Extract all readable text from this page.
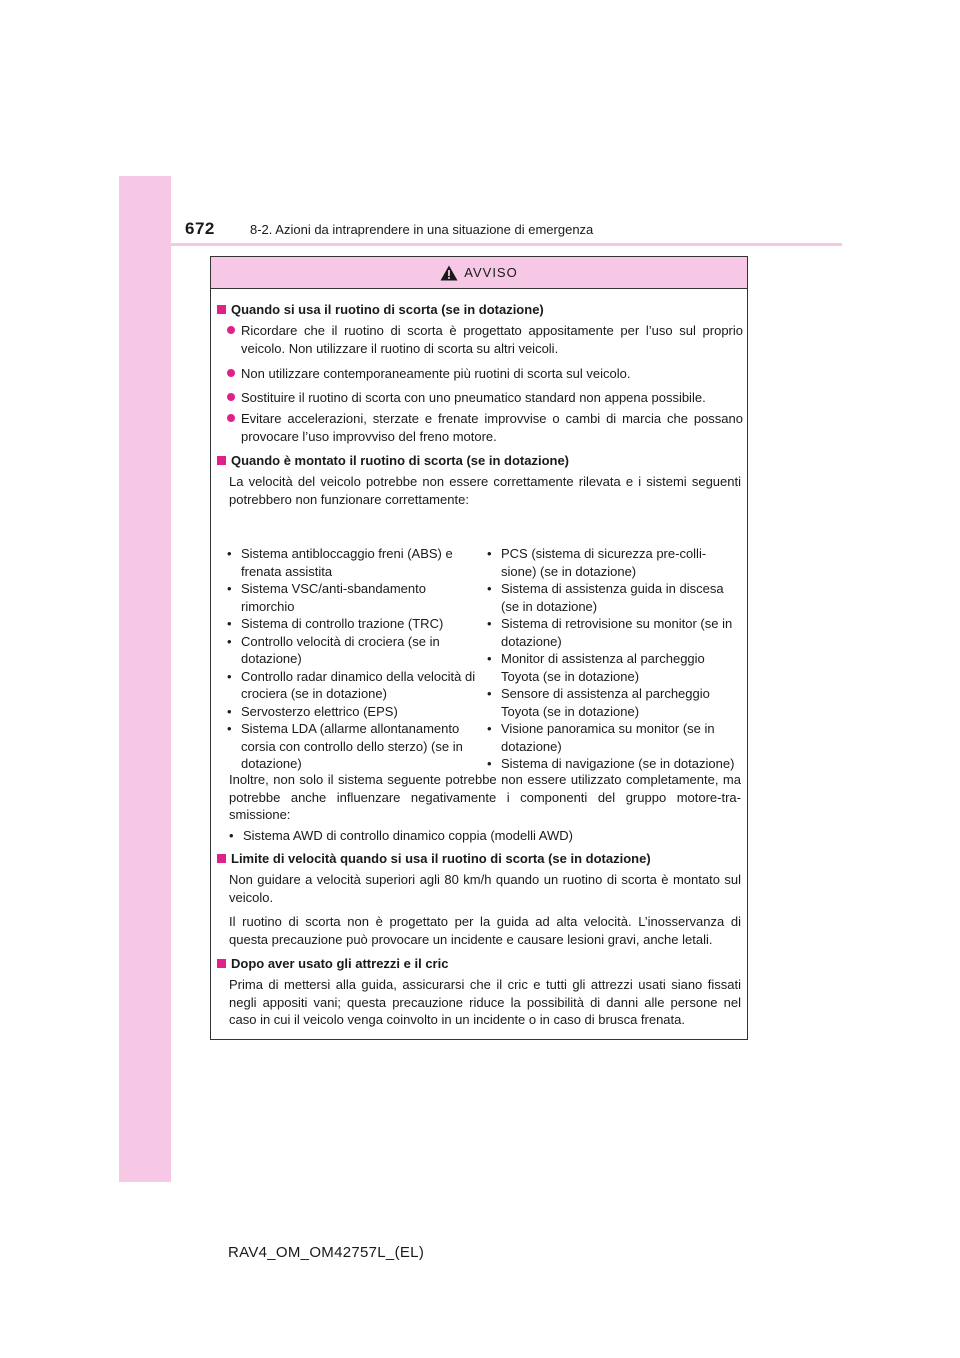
672	8-2. Azioni da intraprendere in una situazione di emergenza
AVVISO
Quando si usa il ruotino di scorta (se in dotazione)
Ricordare che il ruotino di scorta è progettato appositamente per l’uso sul proprio veicolo. Non utilizzare il ruotino di scorta su altri veicoli.
Non utilizzare contemporaneamente più ruotini di scorta sul veicolo.
Sostituire il ruotino di scorta con uno pneumatico standard non appena possibile.
Evitare accelerazioni, sterzate e frenate improvvise o cambi di marcia che possano provocare l’uso improvviso del freno motore.
Quando è montato il ruotino di scorta (se in dotazione)
La velocità del veicolo potrebbe non essere correttamente rilevata e i sistemi seguenti potrebbero non funzionare correttamente:
• Sistema antibloccaggio freni (ABS) e frenata assistita
• Sistema VSC/anti-sbandamento rimorchio
• Sistema di controllo trazione (TRC)
• Controllo velocità di crociera (se in dotazione)
• Controllo radar dinamico della velocità di crociera (se in dotazione)
• Servosterzo elettrico (EPS)
• Sistema LDA (allarme allontanamento corsia con controllo dello sterzo) (se in dotazione)
• PCS (sistema di sicurezza pre-collisione) (se in dotazione)
• Sistema di assistenza guida in discesa (se in dotazione)
• Sistema di retrovisione su monitor (se in dotazione)
• Monitor di assistenza al parcheggio Toyota (se in dotazione)
• Sensore di assistenza al parcheggio Toyota (se in dotazione)
• Visione panoramica su monitor (se in dotazione)
• Sistema di navigazione (se in dotazione)
Inoltre, non solo il sistema seguente potrebbe non essere utilizzato completamente, ma potrebbe anche influenzare negativamente i componenti del gruppo motore-trasmissione:
• Sistema AWD di controllo dinamico coppia (modelli AWD)
Limite di velocità quando si usa il ruotino di scorta (se in dotazione)
Non guidare a velocità superiori agli 80 km/h quando un ruotino di scorta è montato sul veicolo.
Il ruotino di scorta non è progettato per la guida ad alta velocità. L’inosservanza di questa precauzione può provocare un incidente e causare lesioni gravi, anche letali.
Dopo aver usato gli attrezzi e il cric
Prima di mettersi alla guida, assicurarsi che il cric e tutti gli attrezzi usati siano fissati negli appositi vani; questa precauzione riduce la possibilità di danni alle persone nel caso in cui il veicolo venga coinvolto in un incidente o in caso di brusca frenata.
RAV4_OM_OM42757L_(EL)
